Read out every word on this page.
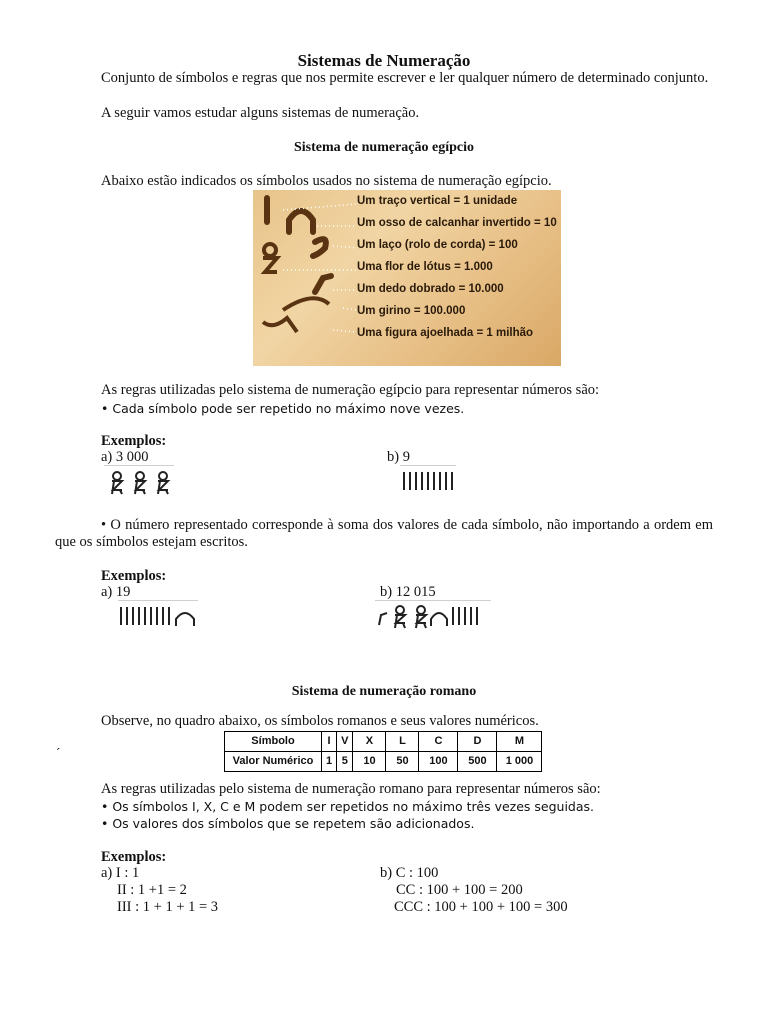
Sistemas de Numeração
Conjunto de símbolos e regras que nos permite escrever e ler qualquer número de determinado conjunto.
A seguir vamos estudar alguns sistemas de numeração.
Sistema de numeração egípcio
Abaixo estão indicados os símbolos usados no sistema de numeração egípcio.
Um traço vertical = 1 unidade
Um osso de calcanhar invertido = 10
Um laço (rolo de corda) = 100
Uma flor de lótus = 1.000
Um dedo dobrado = 10.000
Um girino = 100.000
Uma figura ajoelhada = 1 milhão
As regras utilizadas pelo sistema de numeração egípcio para representar números são:
• Cada símbolo pode ser repetido no máximo nove vezes.
Exemplos:
a) 3 000	b) 9
• O número representado corresponde à soma dos valores de cada símbolo, não importando a ordem em que os símbolos estejam escritos.
Exemplos:
a) 19	b) 12 015
Sistema de numeração romano
Observe, no quadro abaixo, os símbolos romanos e seus valores numéricos.
´
Símbolo	I	V	X	L	C	D	M
Valor Numérico	1	5	10	50	100	500	1 000
As regras utilizadas pelo sistema de numeração romano para representar números são:
• Os símbolos I, X, C e M podem ser repetidos no máximo três vezes seguidas.
• Os valores dos símbolos que se repetem são adicionados.
Exemplos:
a) I : 1
II : 1 +1 = 2
III : 1 + 1 + 1 = 3
b) C : 100
CC : 100 + 100 = 200
CCC : 100 + 100 + 100 = 300
